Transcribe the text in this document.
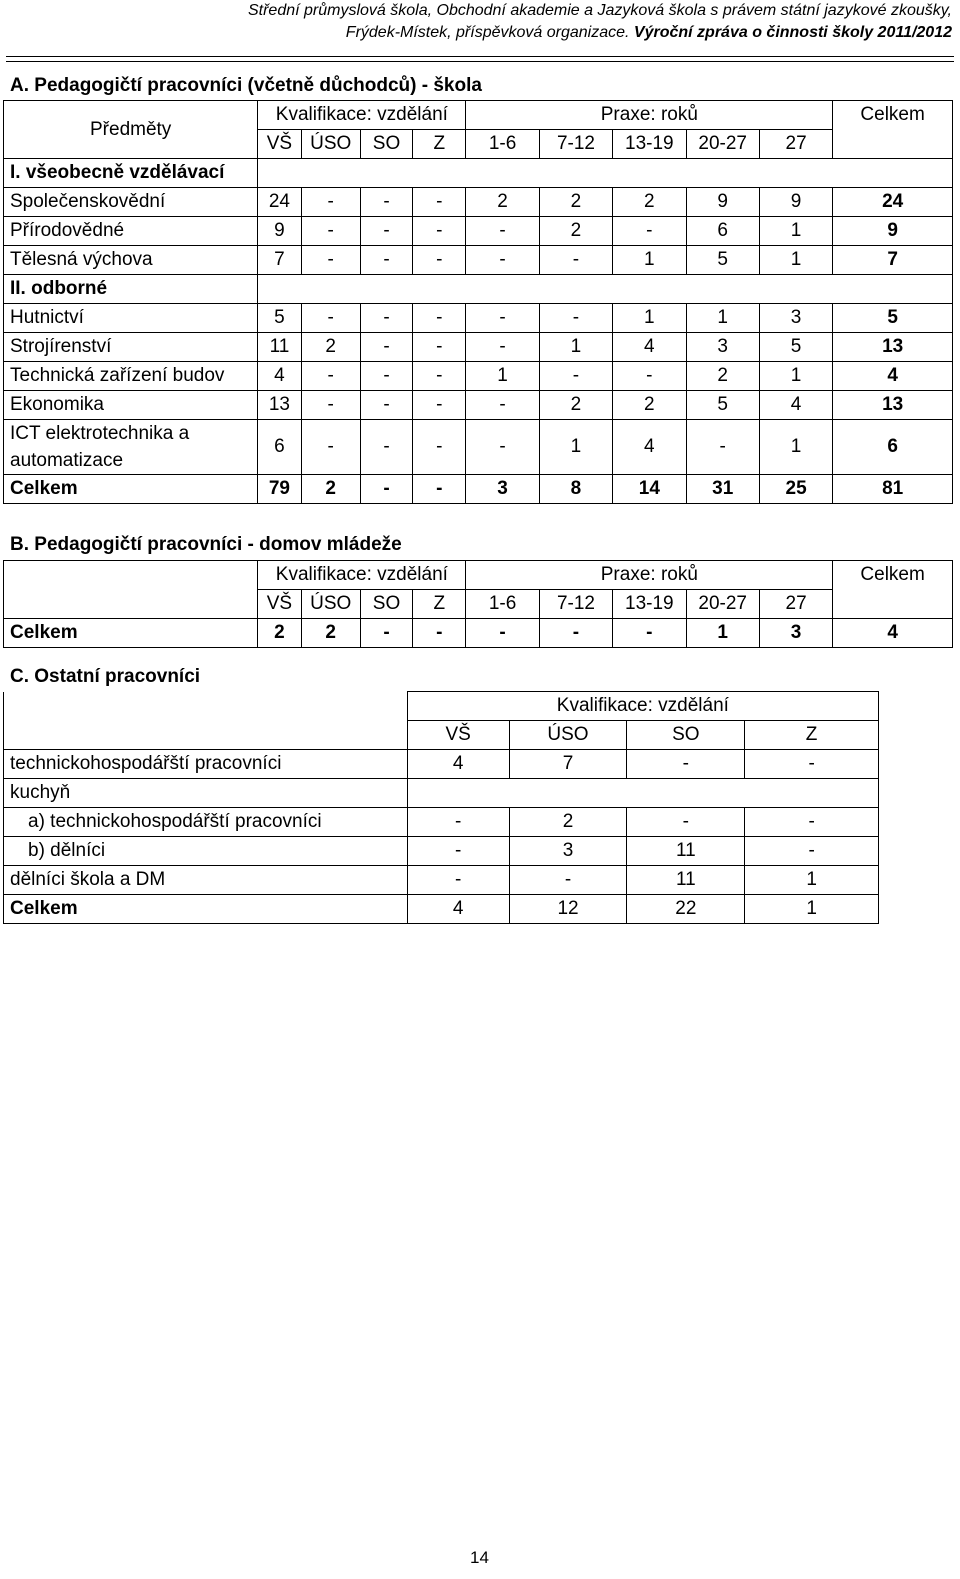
Střední průmyslová škola, Obchodní akademie a Jazyková škola s právem státní jazykové zkoušky,
Frýdek-Místek, příspěvková organizace. Výroční zpráva o činnosti školy 2011/2012
A. Pedagogičtí pracovníci (včetně důchodců) - škola
Předměty	Kvalifikace: vzdělání				Praxe: roků					Celkem
	VŠ	ÚSO	SO	Z	1-6	7-12	13-19	20-27	27	
I. všeobecně vzdělávací										
Společenskovědní	24	-	-	-	2	2	2	9	9	24
Přírodovědné	9	-	-	-	-	2	-	6	1	9
Tělesná výchova	7	-	-	-	-	-	1	5	1	7
II. odborné										
Hutnictví	5	-	-	-	-	-	1	1	3	5
Strojírenství	11	2	-	-	-	1	4	3	5	13
Technická zařízení budov	4	-	-	-	1	-	-	2	1	4
Ekonomika	13	-	-	-	-	2	2	5	4	13
ICT elektrotechnika a automatizace	6	-	-	-	-	1	4	-	1	6
Celkem	79	2	-	-	3	8	14	31	25	81
B. Pedagogičtí pracovníci - domov mládeže
	Kvalifikace: vzdělání				Praxe: roků					Celkem
	VŠ	ÚSO	SO	Z	1-6	7-12	13-19	20-27	27	
Celkem	2	2	-	-	-	-	-	1	3	4
C. Ostatní pracovníci
	Kvalifikace: vzdělání			
	VŠ	ÚSO	SO	Z
technickohospodářští pracovníci	4	7	-	-
kuchyň				
a) technickohospodářští pracovníci	-	2	-	-
b) dělníci	-	3	11	-
dělníci škola a DM	-	-	11	1
Celkem	4	12	22	1
14
